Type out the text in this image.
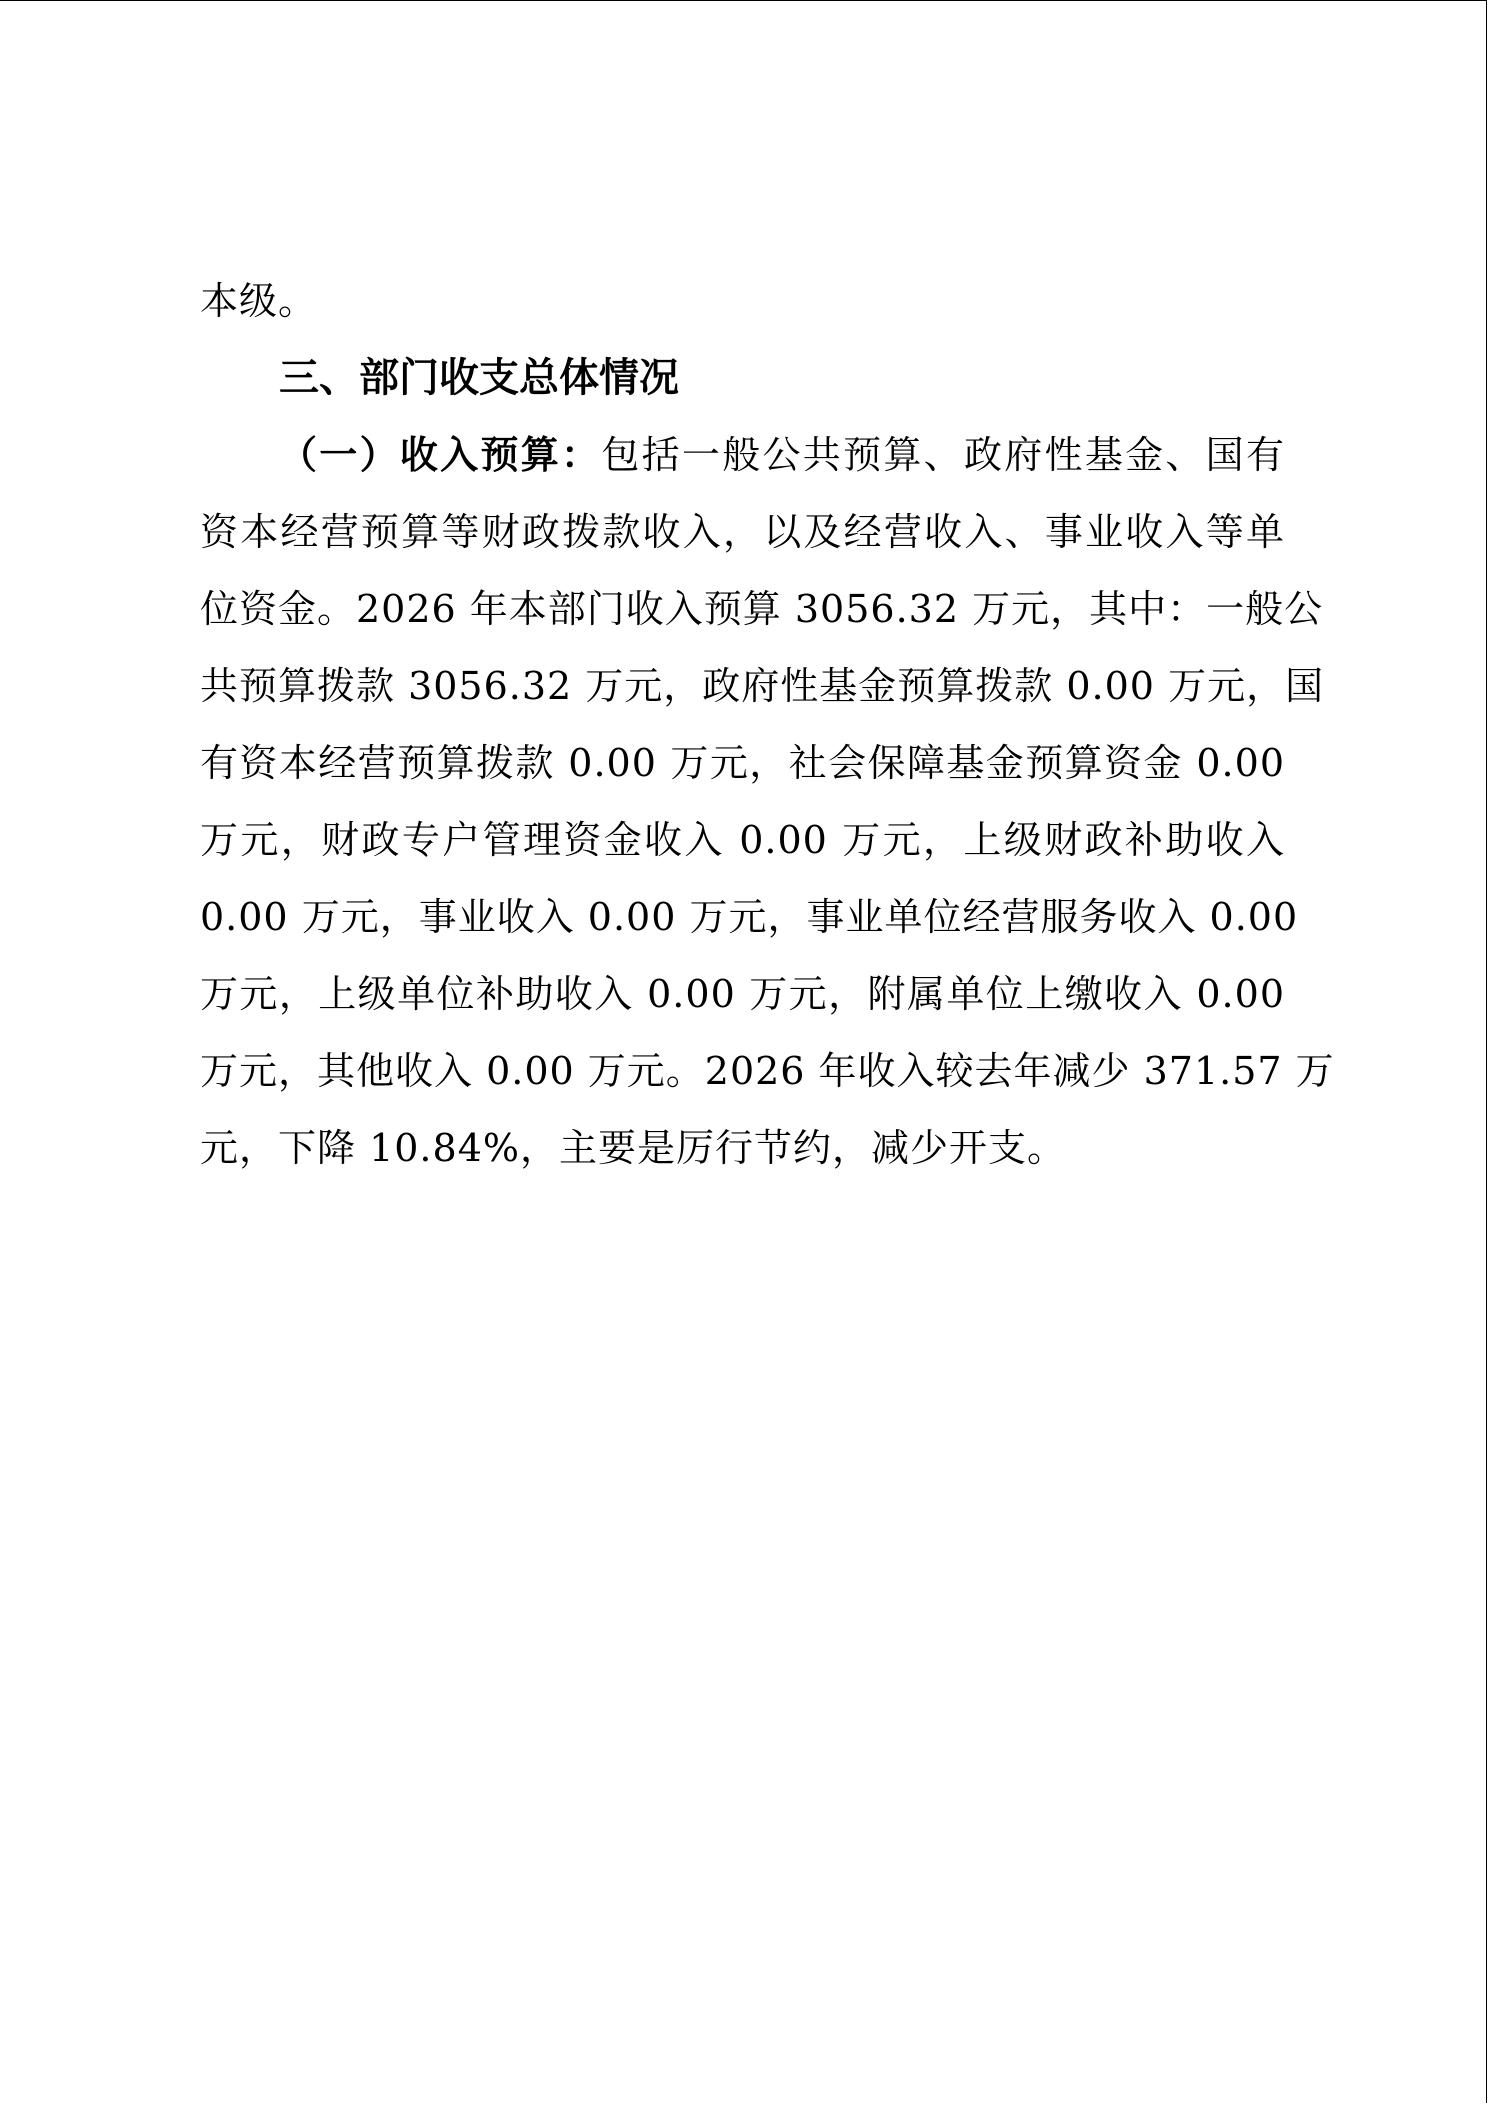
本级。
三、部门收支总体情况
（一）收入预算：包括一般公共预算、政府性基金、国有
资本经营预算等财政拨款收入，以及经营收入、事业收入等单
位资金。2026 年本部门收入预算 3056.32 万元，其中：一般公
共预算拨款 3056.32 万元，政府性基金预算拨款 0.00 万元，国
有资本经营预算拨款 0.00 万元，社会保障基金预算资金 0.00
万元，财政专户管理资金收入 0.00 万元，上级财政补助收入
0.00 万元，事业收入 0.00 万元，事业单位经营服务收入 0.00
万元，上级单位补助收入 0.00 万元，附属单位上缴收入 0.00
万元，其他收入 0.00 万元。2026 年收入较去年减少 371.57 万
元，下降 10.84%，主要是厉行节约，减少开支。
